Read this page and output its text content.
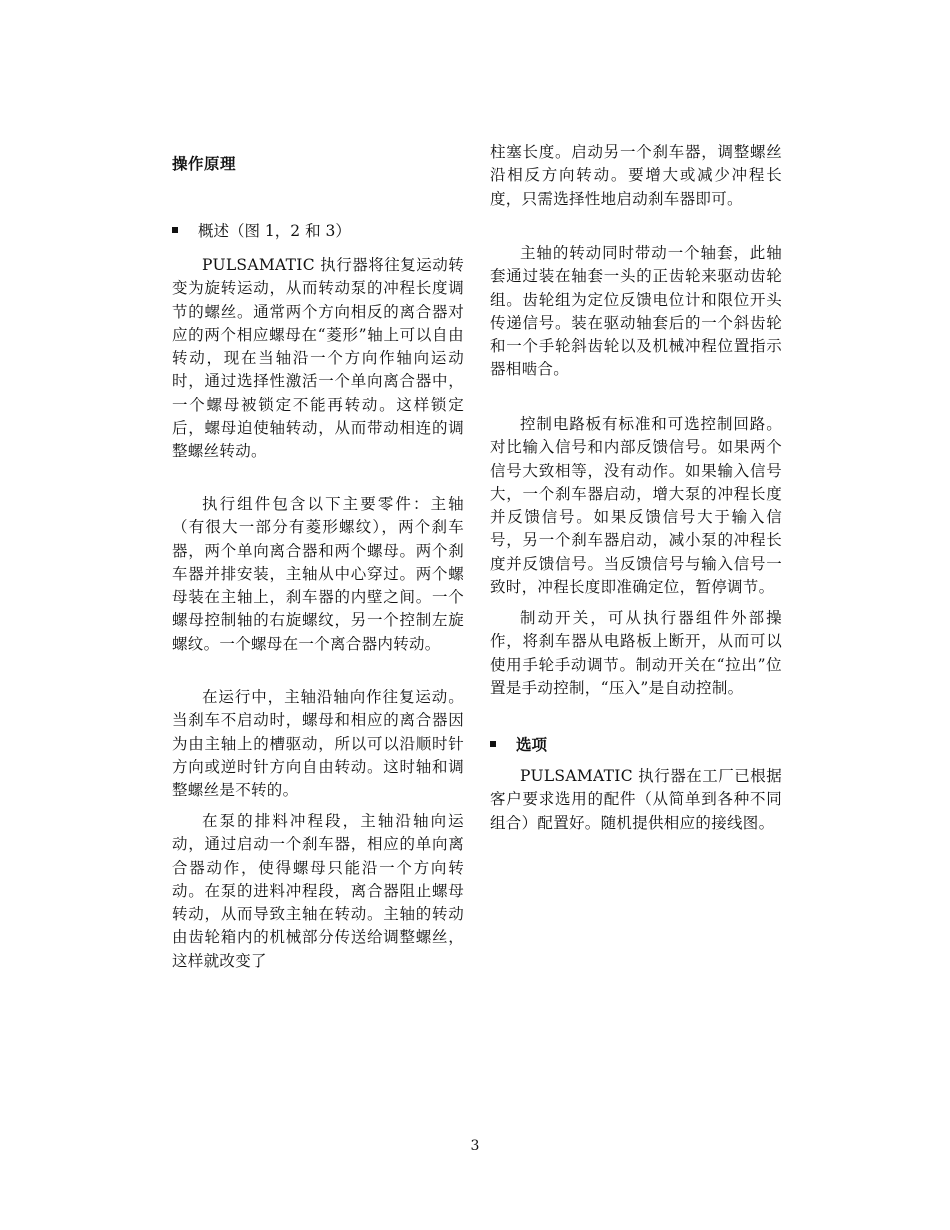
操作原理
概述（图 1，2 和 3）

PULSAMATIC 执行器将往复运动转变为旋转运动，从而转动泵的冲程长度调节的螺丝。通常两个方向相反的离合器对应的两个相应螺母在“菱形”轴上可以自由转动，现在当轴沿一个方向作轴向运动时，通过选择性激活一个单向离合器中，一个螺母被锁定不能再转动。这样锁定后，螺母迫使轴转动，从而带动相连的调整螺丝转动。

执行组件包含以下主要零件：主轴（有很大一部分有菱形螺纹），两个刹车器，两个单向离合器和两个螺母。两个刹车器并排安装，主轴从中心穿过。两个螺母装在主轴上，刹车器的内壁之间。一个螺母控制轴的右旋螺纹，另一个控制左旋螺纹。一个螺母在一个离合器内转动。

在运行中，主轴沿轴向作往复运动。当刹车不启动时，螺母和相应的离合器因为由主轴上的槽驱动，所以可以沿顺时针方向或逆时针方向自由转动。这时轴和调整螺丝是不转的。

在泵的排料冲程段，主轴沿轴向运动，通过启动一个刹车器，相应的单向离合器动作，使得螺母只能沿一个方向转动。在泵的进料冲程段，离合器阻止螺母转动，从而导致主轴在转动。主轴的转动由齿轮箱内的机械部分传送给调整螺丝，这样就改变了

柱塞长度。启动另一个刹车器，调整螺丝沿相反方向转动。要增大或减少冲程长度，只需选择性地启动刹车器即可。

主轴的转动同时带动一个轴套，此轴套通过装在轴套一头的正齿轮来驱动齿轮组。齿轮组为定位反馈电位计和限位开头传递信号。装在驱动轴套后的一个斜齿轮和一个手轮斜齿轮以及机械冲程位置指示器相啮合。

控制电路板有标准和可选控制回路。对比输入信号和内部反馈信号。如果两个信号大致相等，没有动作。如果输入信号大，一个刹车器启动，增大泵的冲程长度并反馈信号。如果反馈信号大于输入信号，另一个刹车器启动，减小泵的冲程长度并反馈信号。当反馈信号与输入信号一致时，冲程长度即准确定位，暂停调节。

制动开关，可从执行器组件外部操作，将刹车器从电路板上断开，从而可以使用手轮手动调节。制动开关在“拉出”位置是手动控制，“压入”是自动控制。

选项

PULSAMATIC 执行器在工厂已根据客户要求选用的配件（从简单到各种不同组合）配置好。随机提供相应的接线图。

3
